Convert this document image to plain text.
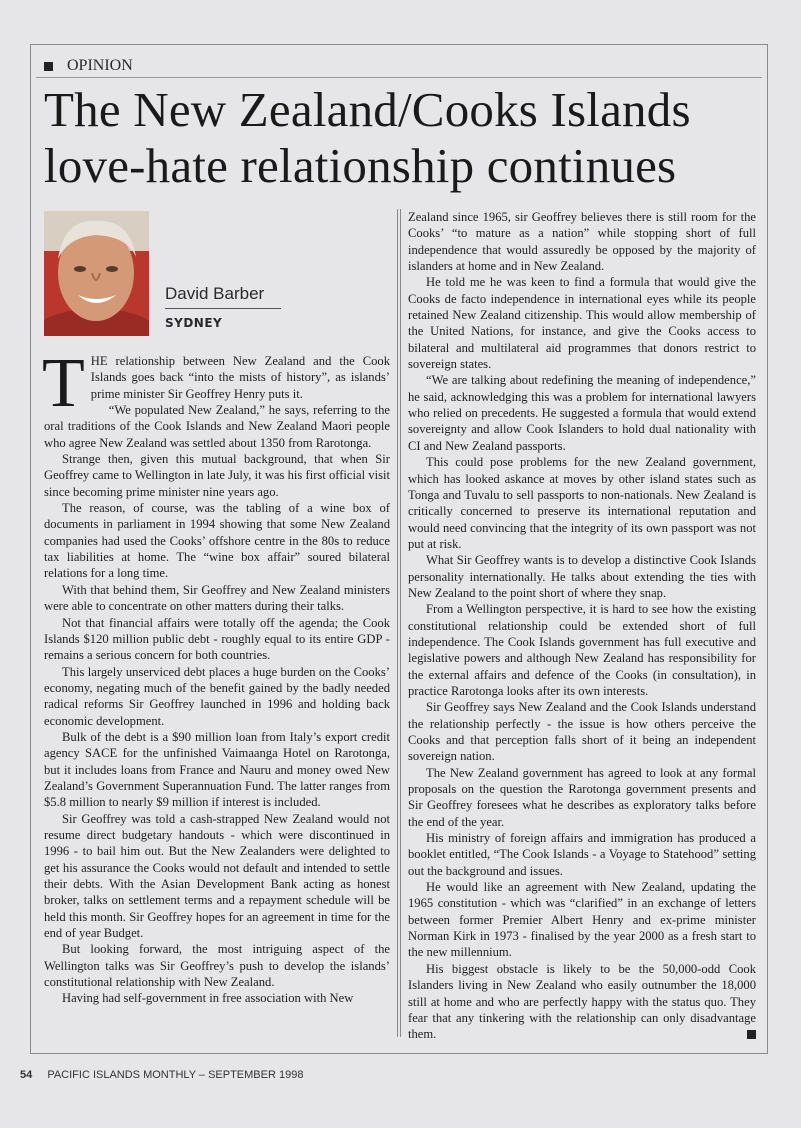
OPINION
The New Zealand/Cooks Islands love-hate relationship continues
David Barber
SYDNEY

THE relationship between New Zealand and the Cook Islands goes back “into the mists of history”, as islands’ prime minister Sir Geoffrey Henry puts it.

“We populated New Zealand,” he says, referring to the oral traditions of the Cook Islands and New Zealand Maori people who agree New Zealand was settled about 1350 from Rarotonga.

Strange then, given this mutual background, that when Sir Geoffrey came to Wellington in late July, it was his first official visit since becoming prime minister nine years ago.

The reason, of course, was the tabling of a wine box of documents in parliament in 1994 showing that some New Zealand companies had used the Cooks’ offshore centre in the 80s to reduce tax liabilities at home. The “wine box affair” soured bilateral relations for a long time.

With that behind them, Sir Geoffrey and New Zealand ministers were able to concentrate on other matters during their talks.

Not that financial affairs were totally off the agenda; the Cook Islands $120 million public debt - roughly equal to its entire GDP - remains a serious concern for both countries.

This largely unserviced debt places a huge burden on the Cooks’ economy, negating much of the benefit gained by the badly needed radical reforms Sir Geoffrey launched in 1996 and holding back economic development.

Bulk of the debt is a $90 million loan from Italy’s export credit agency SACE for the unfinished Vaimaanga Hotel on Rarotonga, but it includes loans from France and Nauru and money owed New Zealand’s Government Superannuation Fund. The latter ranges from $5.8 million to nearly $9 million if interest is included.

Sir Geoffrey was told a cash-strapped New Zealand would not resume direct budgetary handouts - which were discontinued in 1996 - to bail him out. But the New Zealanders were delighted to get his assurance the Cooks would not default and intended to settle their debts. With the Asian Development Bank acting as honest broker, talks on settlement terms and a repayment schedule will be held this month. Sir Geoffrey hopes for an agreement in time for the end of year Budget.

But looking forward, the most intriguing aspect of the Wellington talks was Sir Geoffrey’s push to develop the islands’ constitutional relationship with New Zealand.

Having had self-government in free association with New

Zealand since 1965, sir Geoffrey believes there is still room for the Cooks’ “to mature as a nation” while stopping short of full independence that would assuredly be opposed by the majority of islanders at home and in New Zealand.

He told me he was keen to find a formula that would give the Cooks de facto independence in international eyes while its people retained New Zealand citizenship. This would allow membership of the United Nations, for instance, and give the Cooks access to bilateral and multilateral aid programmes that donors restrict to sovereign states.

“We are talking about redefining the meaning of independence,” he said, acknowledging this was a problem for international lawyers who relied on precedents. He suggested a formula that would extend sovereignty and allow Cook Islanders to hold dual nationality with CI and New Zealand passports.

This could pose problems for the new Zealand government, which has looked askance at moves by other island states such as Tonga and Tuvalu to sell passports to non-nationals. New Zealand is critically concerned to preserve its international reputation and would need convincing that the integrity of its own passport was not put at risk.

What Sir Geoffrey wants is to develop a distinctive Cook Islands personality internationally. He talks about extending the ties with New Zealand to the point short of where they snap.

From a Wellington perspective, it is hard to see how the existing constitutional relationship could be extended short of full independence. The Cook Islands government has full executive and legislative powers and although New Zealand has responsibility for the external affairs and defence of the Cooks (in consultation), in practice Rarotonga looks after its own interests.

Sir Geoffrey says New Zealand and the Cook Islands understand the relationship perfectly - the issue is how others perceive the Cooks and that perception falls short of it being an independent sovereign nation.

The New Zealand government has agreed to look at any formal proposals on the question the Rarotonga government presents and Sir Geoffrey foresees what he describes as exploratory talks before the end of the year.

His ministry of foreign affairs and immigration has produced a booklet entitled, “The Cook Islands - a Voyage to Statehood” setting out the background and issues.

He would like an agreement with New Zealand, updating the 1965 constitution - which was “clarified” in an exchange of letters between former Premier Albert Henry and ex-prime minister Norman Kirk in 1973 - finalised by the year 2000 as a fresh start to the new millennium.

His biggest obstacle is likely to be the 50,000-odd Cook Islanders living in New Zealand who easily outnumber the 18,000 still at home and who are perfectly happy with the status quo. They fear that any tinkering with the relationship can only disadvantage them.

54 PACIFIC ISLANDS MONTHLY – SEPTEMBER 1998
